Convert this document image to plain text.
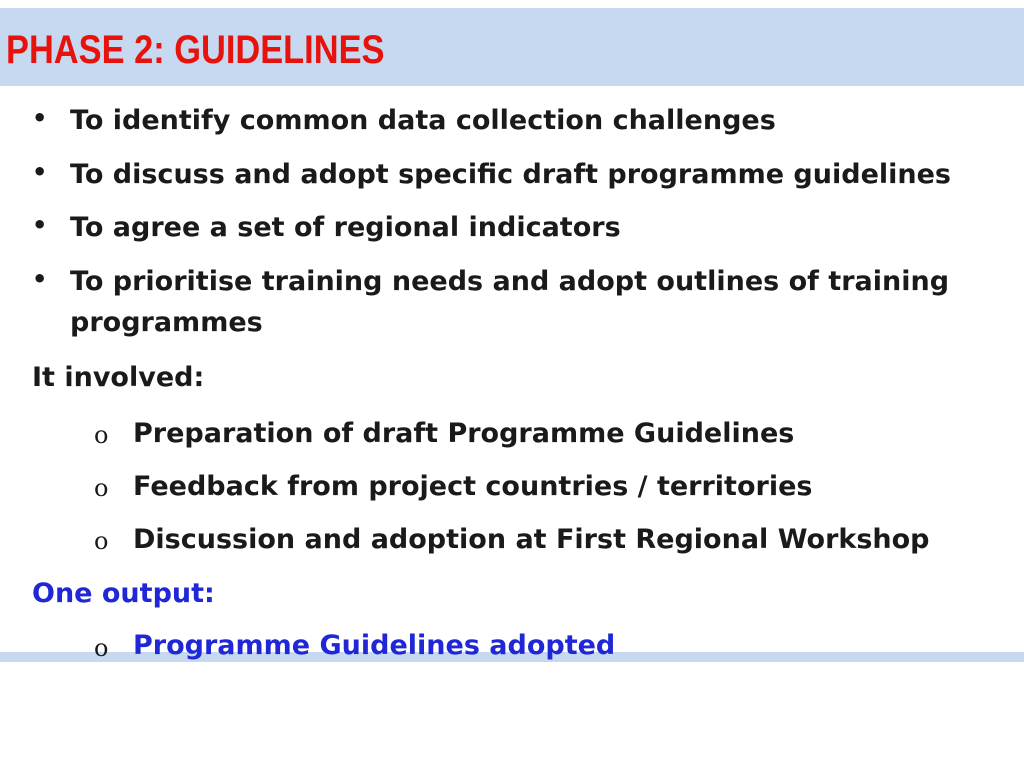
PHASE 2: GUIDELINES
• To identify common data collection challenges
• To discuss and adopt specific draft programme guidelines
• To agree a set of regional indicators
• To prioritise training needs and adopt outlines of training programmes
It involved:
o Preparation of draft Programme Guidelines
o Feedback from project countries / territories
o Discussion and adoption at First Regional Workshop
One output:
o Programme Guidelines adopted
